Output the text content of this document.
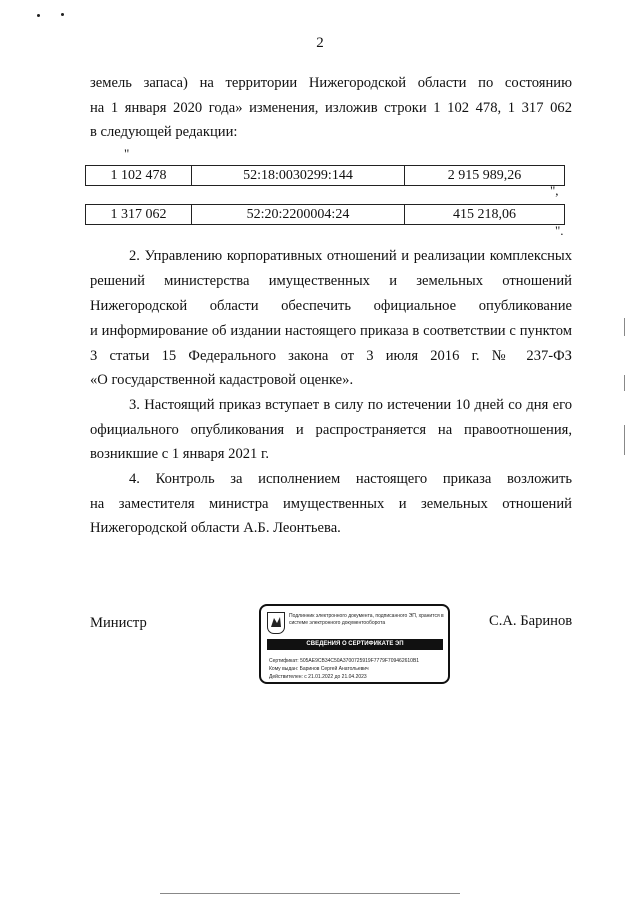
2
земель запаса) на территории Нижегородской области по состоянию
на 1 января 2020 года» изменения, изложив строки 1 102 478, 1 317 062
в следующей редакции:
"
1 102 478	52:18:0030299:144	2 915 989,26
",
1 317 062	52:20:2200004:24	415 218,06
".
2. Управлению корпоративных отношений и реализации комплексных
решений министерства имущественных и земельных отношений
Нижегородской области обеспечить официальное опубликование
и информирование об издании настоящего приказа в соответствии с пунктом
3 статьи 15 Федерального закона от 3 июля 2016 г. № 237-ФЗ
«О государственной кадастровой оценке».
3. Настоящий приказ вступает в силу по истечении 10 дней со дня его
официального опубликования и распространяется на правоотношения,
возникшие с 1 января 2021 г.
4. Контроль за исполнением настоящего приказа возложить
на заместителя министра имущественных и земельных отношений
Нижегородской области А.Б. Леонтьева.
Министр	С.А. Баринов
Подлинник электронного документа, подписанного ЭП, хранится в системе электронного документооборота
СВЕДЕНИЯ О СЕРТИФИКАТЕ ЭП
Сертификат: 505AE9CB34C50A3700725919F7779F709462610B1
Кому выдан: Баринов Сергей Анатольевич
Действителен: с 21.01.2022 до 21.04.2023
